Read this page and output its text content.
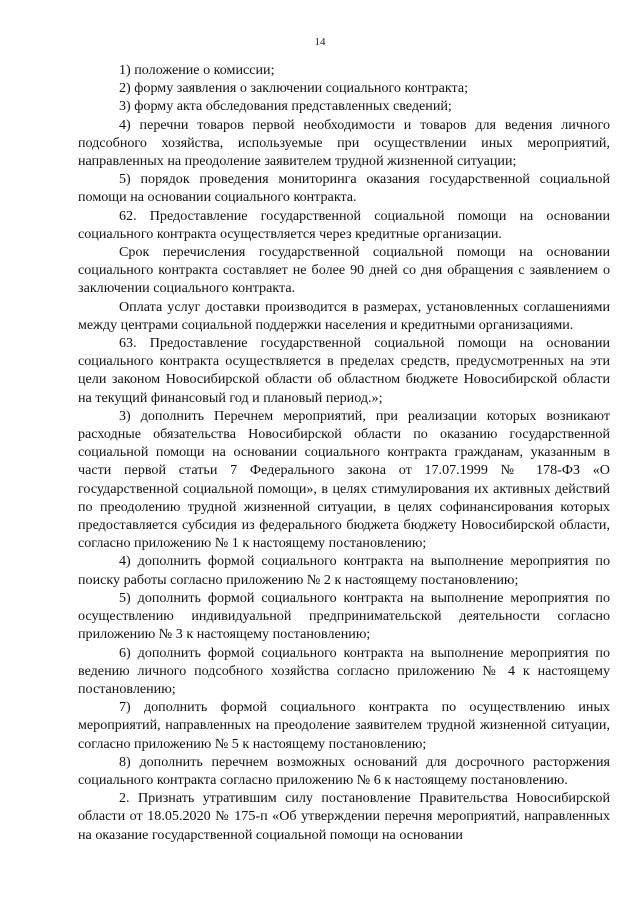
14

1) положение о комиссии;

2) форму заявления о заключении социального контракта;

3) форму акта обследования представленных сведений;

4) перечни товаров первой необходимости и товаров для ведения личного подсобного хозяйства, используемые при осуществлении иных мероприятий, направленных на преодоление заявителем трудной жизненной ситуации;

5) порядок проведения мониторинга оказания государственной социальной помощи на основании социального контракта.

62. Предоставление государственной социальной помощи на основании социального контракта осуществляется через кредитные организации.

Срок перечисления государственной социальной помощи на основании социального контракта составляет не более 90 дней со дня обращения с заявлением о заключении социального контракта.

Оплата услуг доставки производится в размерах, установленных соглашениями между центрами социальной поддержки населения и кредитными организациями.

63. Предоставление государственной социальной помощи на основании социального контракта осуществляется в пределах средств, предусмотренных на эти цели законом Новосибирской области об областном бюджете Новосибирской области на текущий финансовый год и плановый период.»;

3) дополнить Перечнем мероприятий, при реализации которых возникают расходные обязательства Новосибирской области по оказанию государственной социальной помощи на основании социального контракта гражданам, указанным в части первой статьи 7 Федерального закона от 17.07.1999 № 178-ФЗ «О государственной социальной помощи», в целях стимулирования их активных действий по преодолению трудной жизненной ситуации, в целях софинансирования которых предоставляется субсидия из федерального бюджета бюджету Новосибирской области, согласно приложению № 1 к настоящему постановлению;

4) дополнить формой социального контракта на выполнение мероприятия по поиску работы согласно приложению № 2 к настоящему постановлению;

5) дополнить формой социального контракта на выполнение мероприятия по осуществлению индивидуальной предпринимательской деятельности согласно приложению № 3 к настоящему постановлению;

6) дополнить формой социального контракта на выполнение мероприятия по ведению личного подсобного хозяйства согласно приложению № 4 к настоящему постановлению;

7) дополнить формой социального контракта по осуществлению иных мероприятий, направленных на преодоление заявителем трудной жизненной ситуации, согласно приложению № 5 к настоящему постановлению;

8) дополнить перечнем возможных оснований для досрочного расторжения социального контракта согласно приложению № 6 к настоящему постановлению.

2. Признать утратившим силу постановление Правительства Новосибирской области от 18.05.2020 № 175-п «Об утверждении перечня мероприятий, направленных на оказание государственной социальной помощи на основании
